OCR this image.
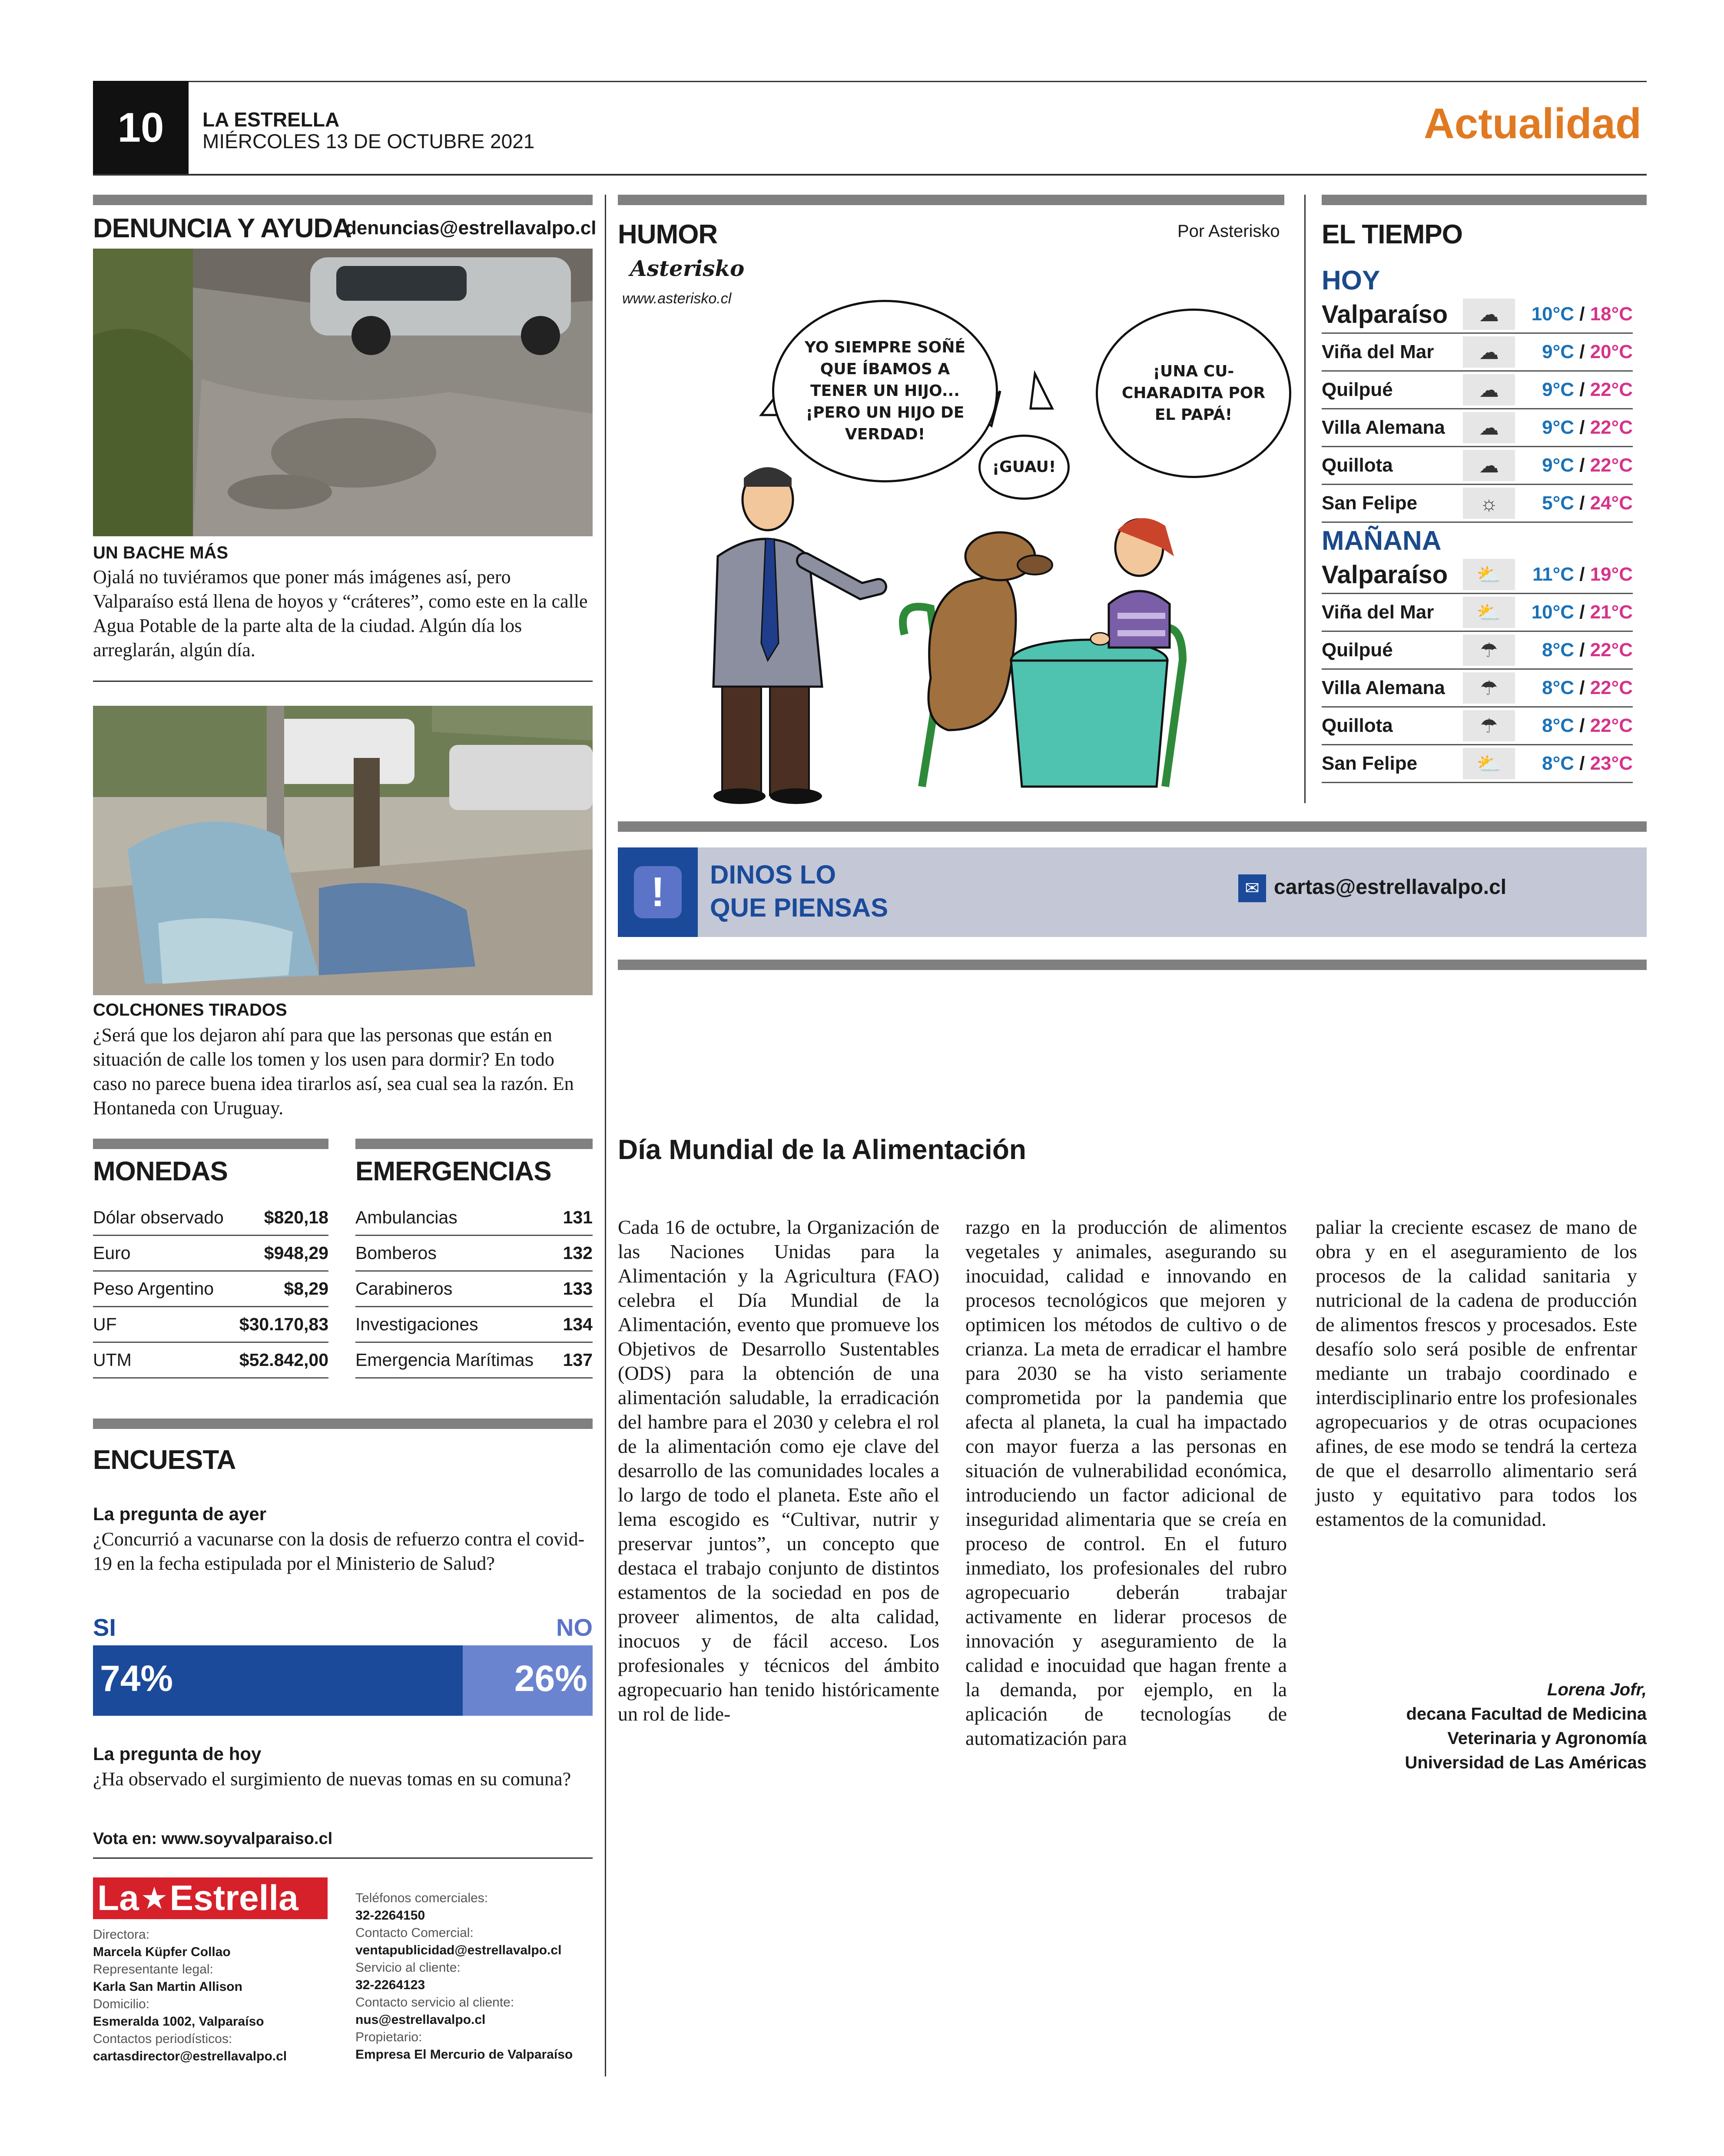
10	LA ESTRELLA
MIÉRCOLES 13 DE OCTUBRE 2021	Actualidad
DENUNCIA Y AYUDA
denuncias@estrellavalpo.cl
UN BACHE MÁS
Ojalá no tuviéramos que poner más imágenes así, pero Valparaíso está llena de hoyos y “cráteres”, como este en la calle Agua Potable de la parte alta de la ciudad. Algún día los arreglarán, algún día.
COLCHONES TIRADOS
¿Será que los dejaron ahí para que las personas que están en situación de calle los tomen y los usen para dormir? En todo caso no parece buena idea tirarlos así, sea cual sea la razón. En Hontaneda con Uruguay.
MONEDAS
Dólar observado	$820,18
Euro	$948,29
Peso Argentino	$8,29
UF	$30.170,83
UTM	$52.842,00
EMERGENCIAS
Ambulancias	131
Bomberos	132
Carabineros	133
Investigaciones	134
Emergencia Marítimas	137
ENCUESTA
La pregunta de ayer
¿Concurrió a vacunarse con la dosis de refuerzo contra el covid-19 en la fecha estipulada por el Ministerio de Salud?
SI	NO
74%	26%
La pregunta de hoy
¿Ha observado el surgimiento de nuevas tomas en su comuna?
Vota en: www.soyvalparaiso.cl
La ★ Estrella
Directora:
Marcela Küpfer Collao
Representante legal:
Karla San Martin Allison
Domicilio:
Esmeralda 1002, Valparaíso
Contactos periodísticos:
cartasdirector@estrellavalpo.cl
Teléfonos comerciales:
32-2264150
Contacto Comercial:
ventapublicidad@estrellavalpo.cl
Servicio al cliente:
32-2264123
Contacto servicio al cliente:
nus@estrellavalpo.cl
Propietario:
Empresa El Mercurio de Valparaíso
HUMOR	Por Asterisko
Asterisko
www.asterisko.cl
YO SIEMPRE SOÑÉ QUE ÍBAMOS A TENER UN HIJO... ¡PERO UN HIJO DE VERDAD!
¡GUAU!
¡UNA CU-CHARADITA POR EL PAPÁ!
EL TIEMPO
HOY
Valparaíso	☁	10°C / 18°C
Viña del Mar	☁	9°C / 20°C
Quilpué	☁	9°C / 22°C
Villa Alemana	☁	9°C / 22°C
Quillota	☁	9°C / 22°C
San Felipe	☼	5°C / 24°C
MAÑANA
Valparaíso	⛅	11°C / 19°C
Viña del Mar	⛅	10°C / 21°C
Quilpué	☂	8°C / 22°C
Villa Alemana	☂	8°C / 22°C
Quillota	☂	8°C / 22°C
San Felipe	⛅	8°C / 23°C
!	DINOS LO
QUE PIENSAS
✉ cartas@estrellavalpo.cl
Día Mundial de la Alimentación
Cada 16 de octubre, la Organización de las Naciones Unidas para la Alimentación y la Agricultura (FAO) celebra el Día Mundial de la Alimentación, evento que promueve los Objetivos de Desarrollo Sustentables (ODS) para la obtención de una alimentación saludable, la erradicación del hambre para el 2030 y celebra el rol de la alimentación como eje clave del desarrollo de las comunidades locales a lo largo de todo el planeta. Este año el lema escogido es “Cultivar, nutrir y preservar juntos”, un concepto que destaca el trabajo conjunto de distintos estamentos de la sociedad en pos de proveer alimentos, de alta calidad, inocuos y de fácil acceso. Los profesionales y técnicos del ámbito agropecuario han tenido históricamente un rol de lide-
razgo en la producción de alimentos vegetales y animales, asegurando su inocuidad, calidad e innovando en procesos tecnológicos que mejoren y optimicen los métodos de cultivo o de crianza. La meta de erradicar el hambre para 2030 se ha visto seriamente comprometida por la pandemia que afecta al planeta, la cual ha impactado con mayor fuerza a las personas en situación de vulnerabilidad económica, introduciendo un factor adicional de inseguridad alimentaria que se creía en proceso de control. En el futuro inmediato, los profesionales del rubro agropecuario deberán trabajar activamente en liderar procesos de innovación y aseguramiento de la calidad e inocuidad que hagan frente a la demanda, por ejemplo, en la aplicación de tecnologías de automatización para
paliar la creciente escasez de mano de obra y en el aseguramiento de los procesos de la calidad sanitaria y nutricional de la cadena de producción de alimentos frescos y procesados. Este desafío solo será posible de enfrentar mediante un trabajo coordinado e interdisciplinario entre los profesionales agropecuarios y de otras ocupaciones afines, de ese modo se tendrá la certeza de que el desarrollo alimentario será justo y equitativo para todos los estamentos de la comunidad.
Lorena Jofr,
decana Facultad de Medicina
Veterinaria y Agronomía
Universidad de Las Américas
